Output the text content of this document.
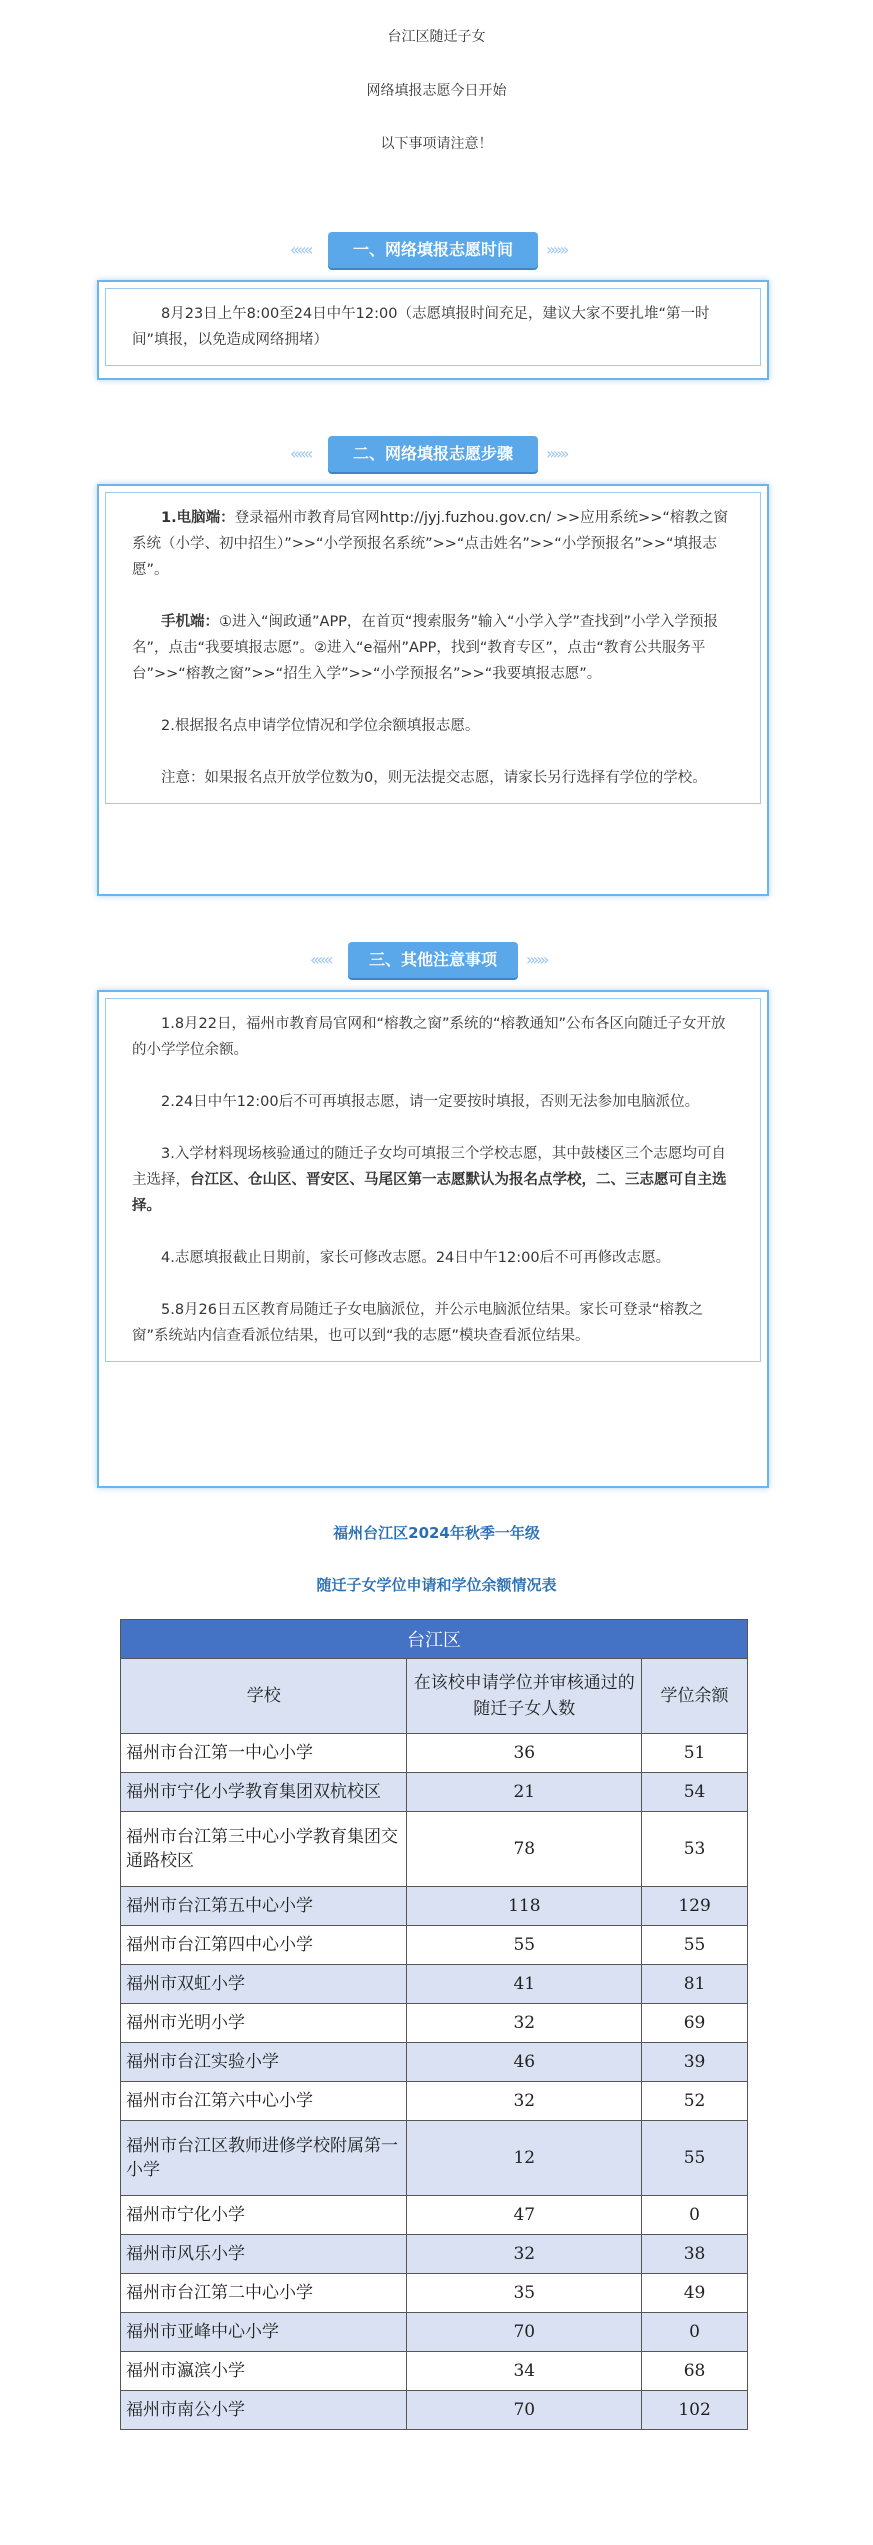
台江区随迁子女
网络填报志愿今日开始
以下事项请注意！
«««	一、网络填报志愿时间	»»»

8月23日上午8:00至24日中午12:00（志愿填报时间充足，建议大家不要扎堆“第一时间”填报，以免造成网络拥堵）

«««	二、网络填报志愿步骤	»»»

1.电脑端：登录福州市教育局官网http://jyj.fuzhou.gov.cn/ >>应用系统>>“榕教之窗系统（小学、初中招生）”>>“小学预报名系统”>>“点击姓名”>>“小学预报名”>>“填报志愿”。

手机端：①进入“闽政通”APP，在首页“搜索服务”输入“小学入学”查找到”小学入学预报名”，点击“我要填报志愿”。②进入“e福州”APP，找到“教育专区”，点击“教育公共服务平台”>>“榕教之窗”>>“招生入学”>>“小学预报名”>>“我要填报志愿”。

2.根据报名点申请学位情况和学位余额填报志愿。

注意：如果报名点开放学位数为0，则无法提交志愿，请家长另行选择有学位的学校。

«««	三、其他注意事项	»»»

1.8月22日，福州市教育局官网和“榕教之窗”系统的“榕教通知”公布各区向随迁子女开放的小学学位余额。

2.24日中午12:00后不可再填报志愿，请一定要按时填报，否则无法参加电脑派位。

3.入学材料现场核验通过的随迁子女均可填报三个学校志愿，其中鼓楼区三个志愿均可自主选择，台江区、仓山区、晋安区、马尾区第一志愿默认为报名点学校，二、三志愿可自主选择。

4.志愿填报截止日期前，家长可修改志愿。24日中午12:00后不可再修改志愿。

5.8月26日五区教育局随迁子女电脑派位，并公示电脑派位结果。家长可登录“榕教之窗”系统站内信查看派位结果，也可以到“我的志愿”模块查看派位结果。

福州台江区2024年秋季一年级
随迁子女学位申请和学位余额情况表
台江区		
学校	在该校申请学位并审核通过的随迁子女人数	学位余额
福州市台江第一中心小学	36	51
福州市宁化小学教育集团双杭校区	21	54
福州市台江第三中心小学教育集团交通路校区	78	53
福州市台江第五中心小学	118	129
福州市台江第四中心小学	55	55
福州市双虹小学	41	81
福州市光明小学	32	69
福州市台江实验小学	46	39
福州市台江第六中心小学	32	52
福州市台江区教师进修学校附属第一小学	12	55
福州市宁化小学	47	0
福州市风乐小学	32	38
福州市台江第二中心小学	35	49
福州市亚峰中心小学	70	0
福州市瀛滨小学	34	68
福州市南公小学	70	102
